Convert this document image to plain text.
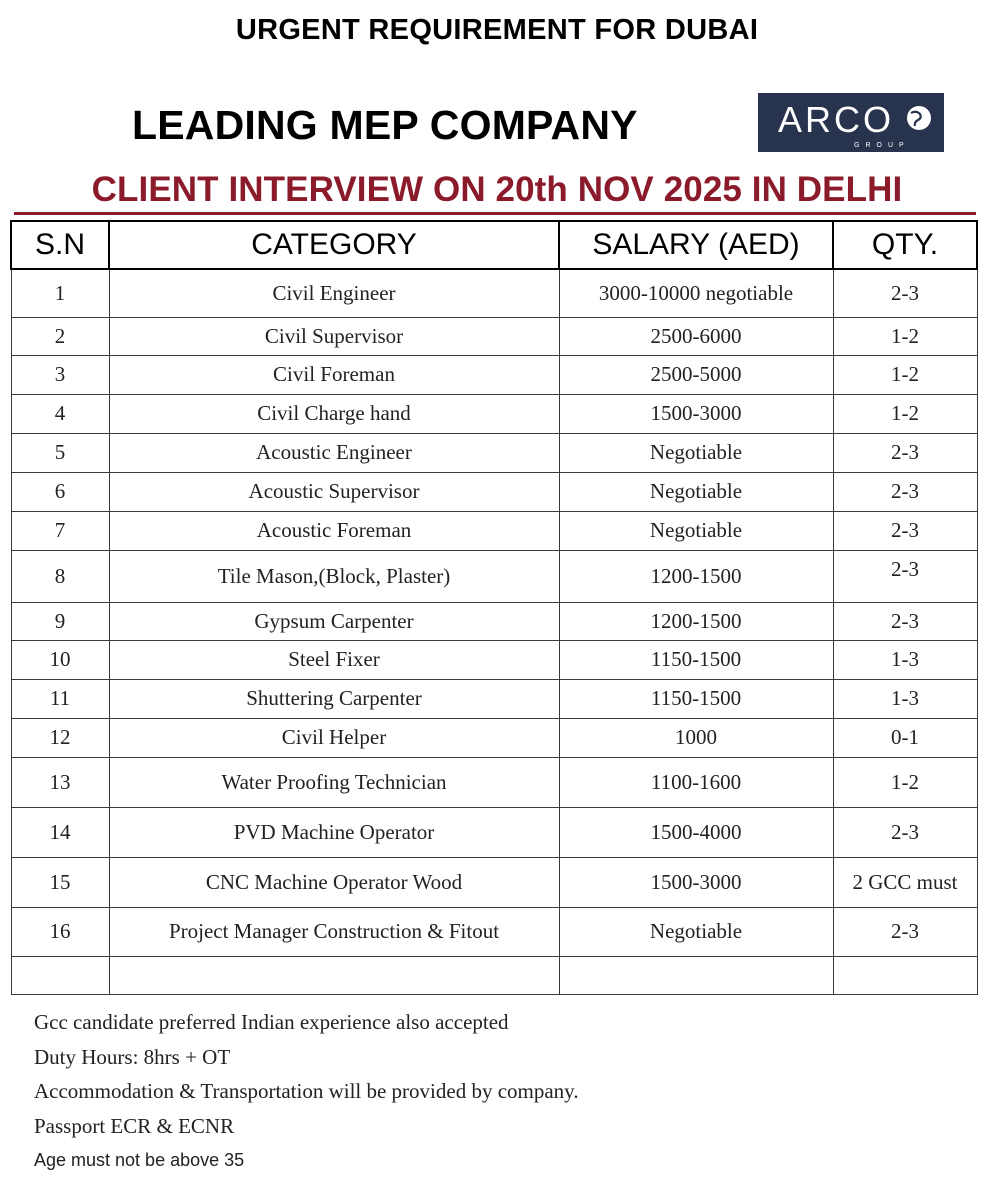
URGENT REQUIREMENT FOR DUBAI
LEADING MEP COMPANY	ARCO
GROUP
CLIENT INTERVIEW ON 20th NOV 2025 IN DELHI
S.N	CATEGORY	SALARY (AED)	QTY.
1	Civil Engineer	3000-10000 negotiable	2-3
2	Civil Supervisor	2500-6000	1-2
3	Civil Foreman	2500-5000	1-2
4	Civil Charge hand	1500-3000	1-2
5	Acoustic Engineer	Negotiable	2-3
6	Acoustic Supervisor	Negotiable	2-3
7	Acoustic Foreman	Negotiable	2-3
8	Tile Mason,(Block, Plaster)	1200-1500	2-3
9	Gypsum Carpenter	1200-1500	2-3
10	Steel Fixer	1150-1500	1-3
11	Shuttering Carpenter	1150-1500	1-3
12	Civil Helper	1000	0-1
13	Water Proofing Technician	1100-1600	1-2
14	PVD Machine Operator	1500-4000	2-3
15	CNC Machine Operator Wood	1500-3000	2 GCC must
16	Project Manager Construction & Fitout	Negotiable	2-3

Gcc candidate preferred Indian experience also accepted
Duty Hours: 8hrs + OT
Accommodation & Transportation will be provided by company.
Passport ECR & ECNR
Age must not be above 35
